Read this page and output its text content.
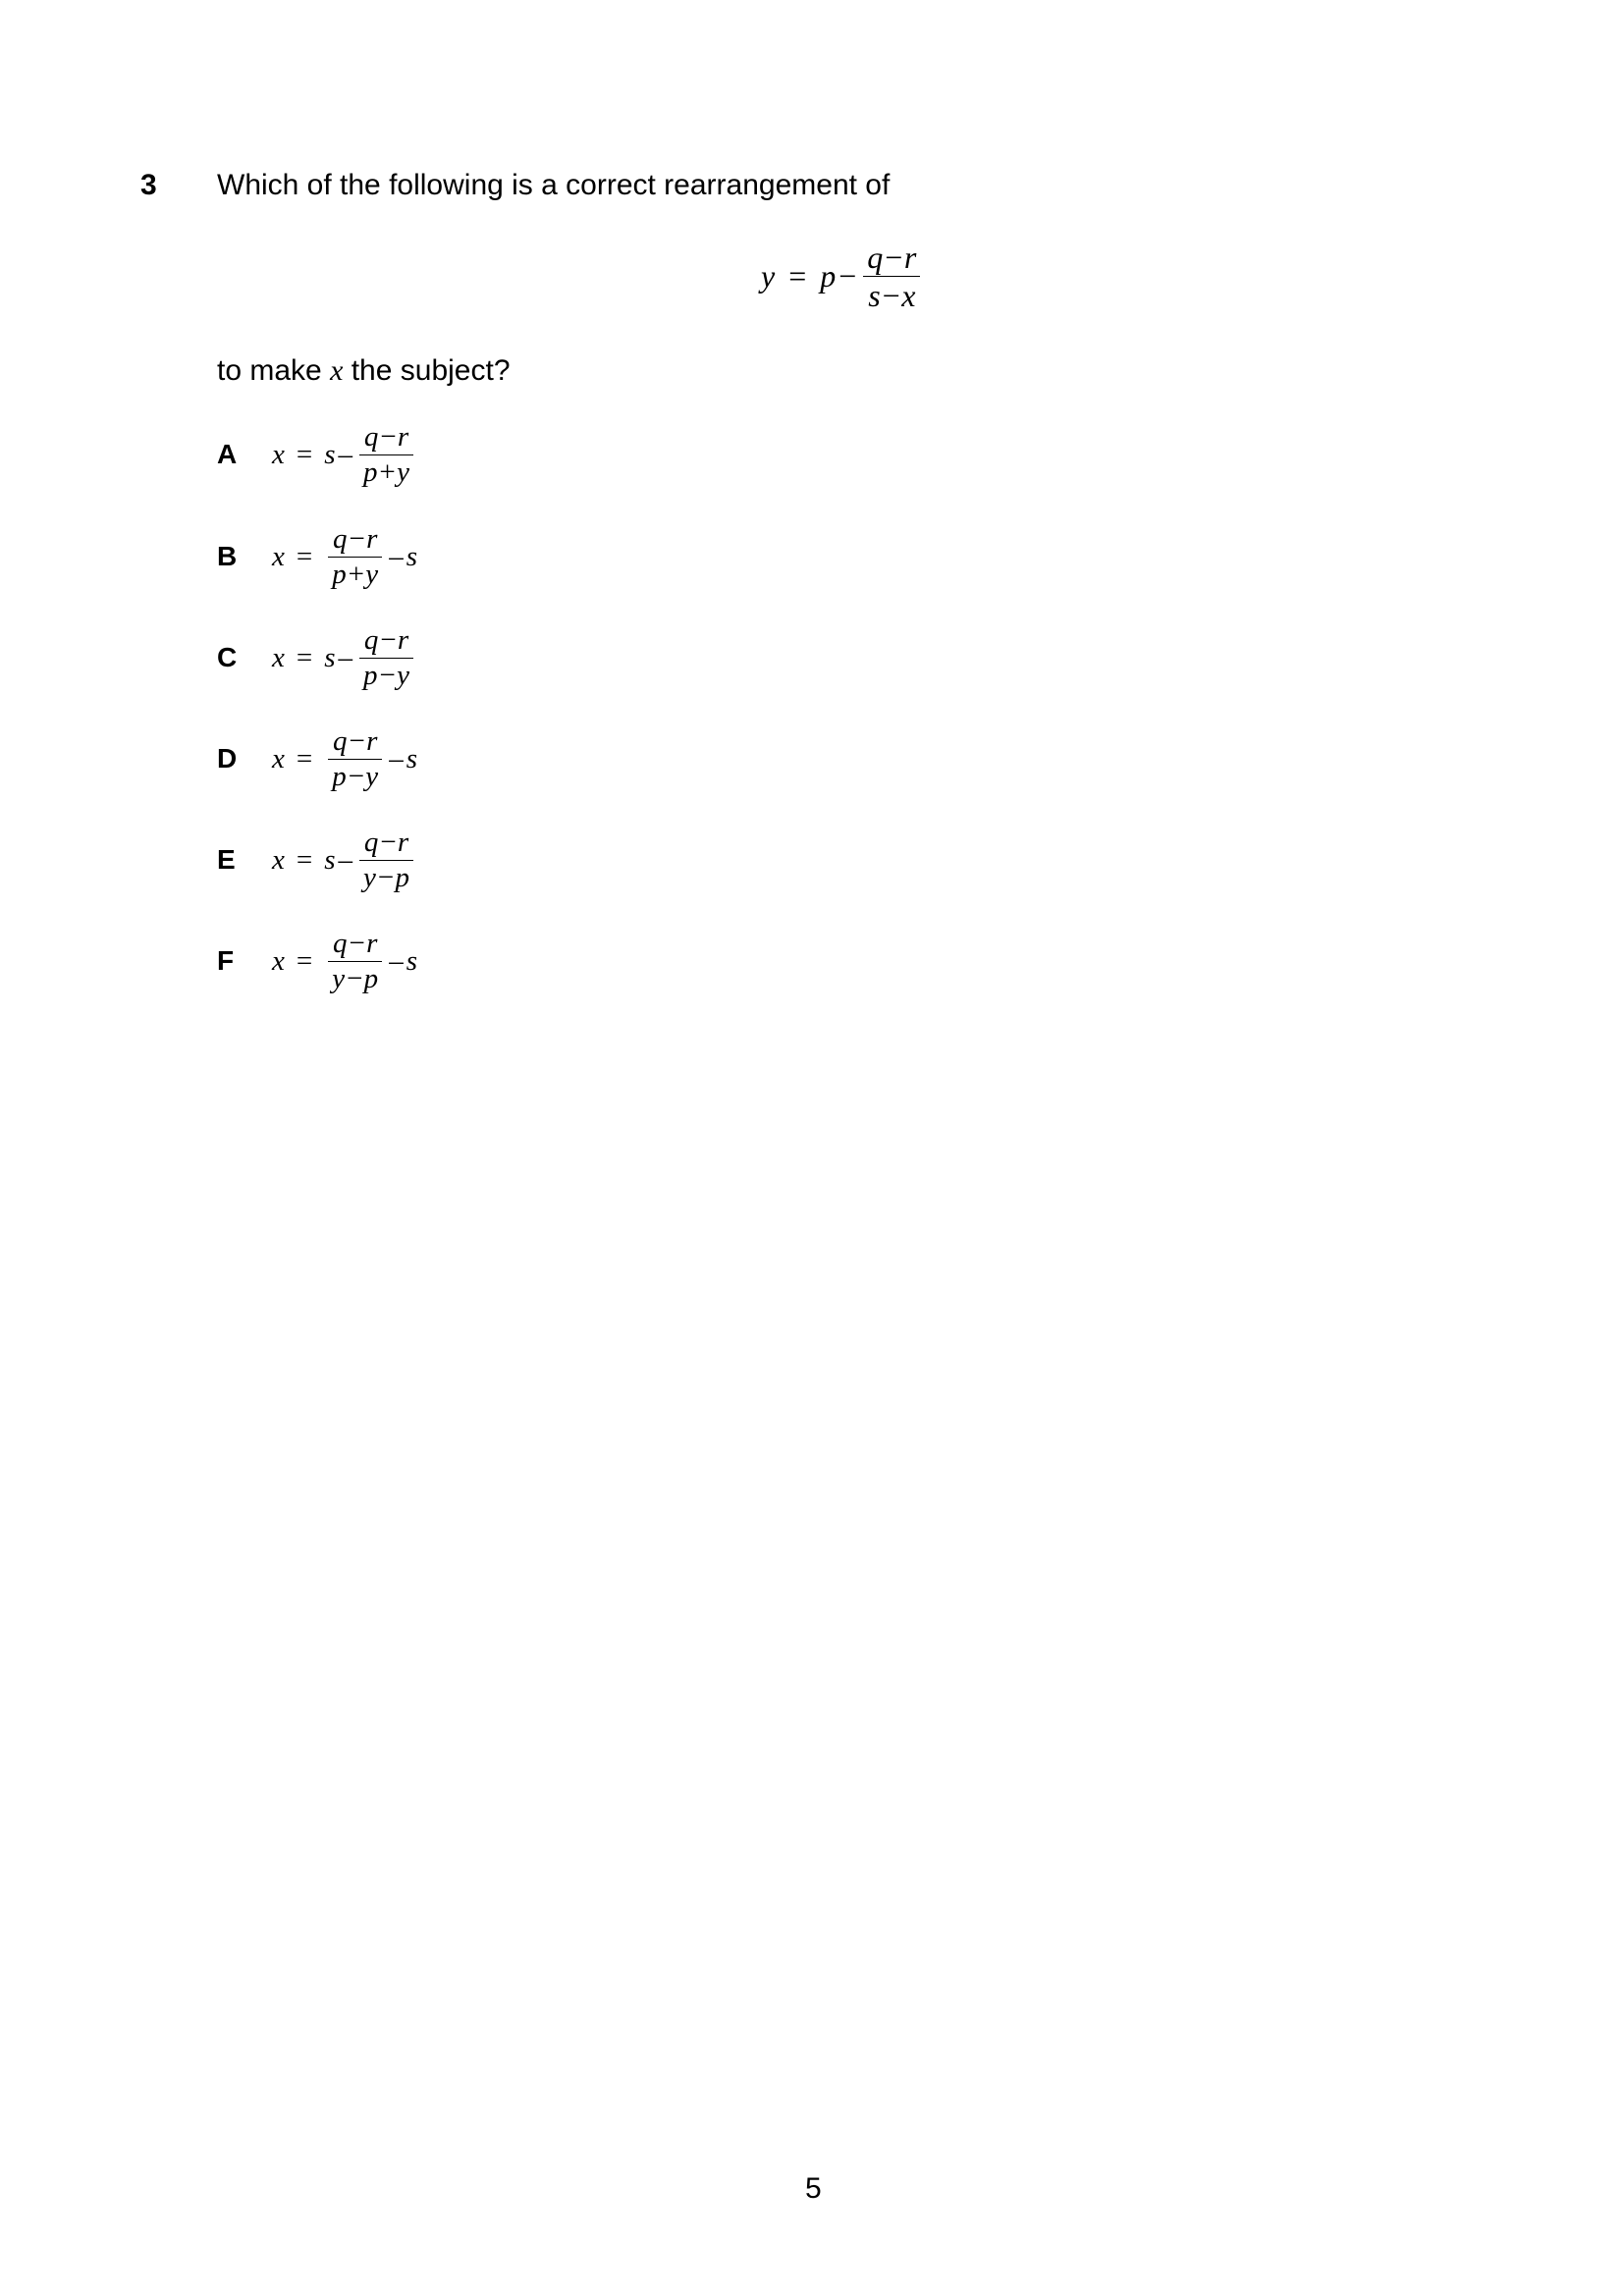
3 Which of the following is a correct rearrangement of
$y = p - \frac{q-r}{s-x}$
to make x the subject?
A	$x = s - \frac{q-r}{p+y}$
B	$x = \frac{q-r}{p+y} - s$
C	$x = s - \frac{q-r}{p-y}$
D	$x = \frac{q-r}{p-y} - s$
E	$x = s - \frac{q-r}{y-p}$
F	$x = \frac{q-r}{y-p} - s$
5
